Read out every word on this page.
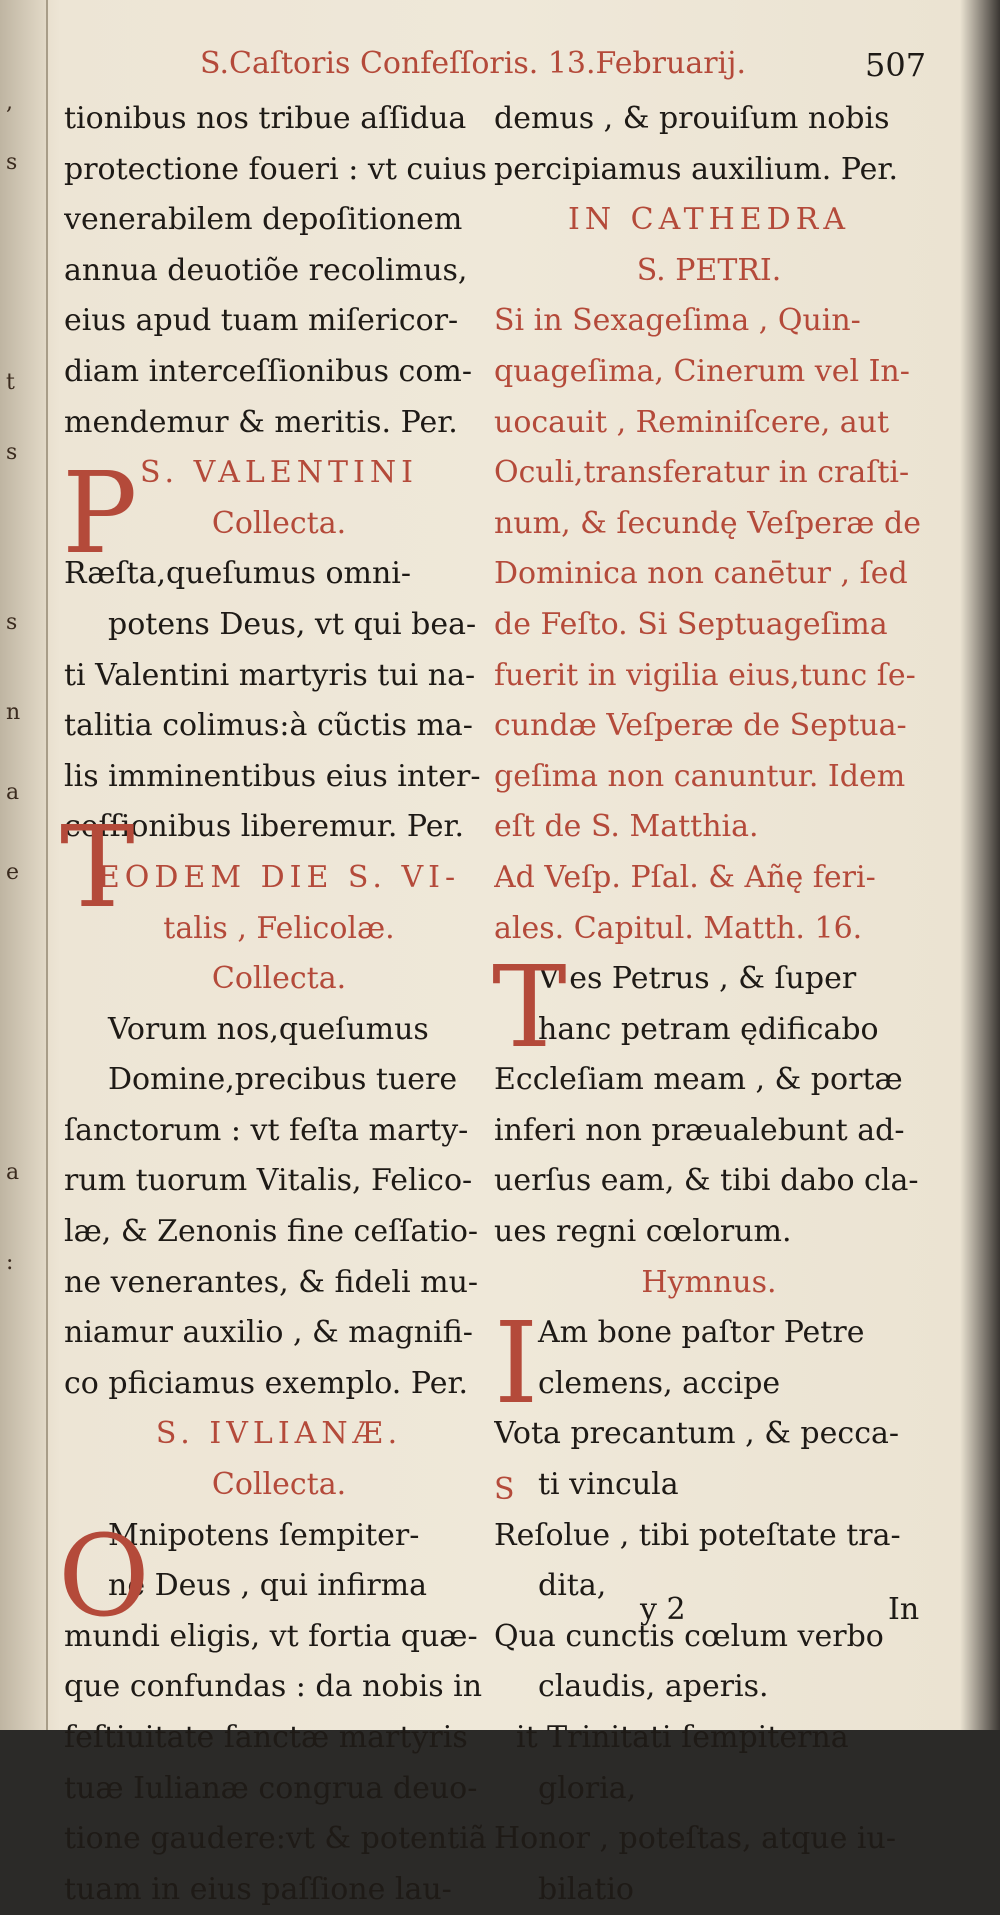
,
s
t
s
s
n
a
e
a
:
S.Caſtoris Confeſſoris. 13.Februarij.	507
tionibus nos tribue aſſidua
protectione foueri : vt cuius
venerabilem depoſitionem
annua deuotiõe recolimus,
eius apud tuam miſericor-
diam interceſſionibus com-
mendemur & meritis. Per.
S. VALENTINI
Collecta.
Ræſta,queſumus omni-
potens Deus, vt qui bea-
ti Valentini martyris tui na-
talitia colimus:à cũctis ma-
lis imminentibus eius inter-
ceſſionibus liberemur. Per.
EODEM DIE S. VI-
talis , Felicolæ.
Collecta.
Vorum nos,queſumus
Domine,precibus tuere
ſanctorum : vt feſta marty-
rum tuorum Vitalis, Felico-
læ, & Zenonis fine ceſſatio-
ne venerantes, & fideli mu-
niamur auxilio , & magnifi-
co pficiamus exemplo. Per.
S. IVLIANÆ.
Collecta.
Mnipotens ſempiter-
ne Deus , qui infirma
mundi eligis, vt fortia quæ-
que confundas : da nobis in
feſtiuitate ſanctæ martyris
tuæ Iulianæ congrua deuo-
tione gaudere:vt & potentiã
tuam in eius paſſione lau-
demus , & prouiſum nobis
percipiamus auxilium. Per.
IN CATHEDRA
S. PETRI.
Si in Sexageſima , Quin-
quageſima, Cinerum vel In-
uocauit , Reminiſcere, aut
Oculi,transferatur in craſti-
num, & ſecundę Veſperæ de
Dominica non canētur , ſed
de Feſto. Si Septuageſima
fuerit in vigilia eius,tunc ſe-
cundæ Veſperæ de Septua-
geſima non canuntur. Idem
eſt de S. Matthia.
Ad Veſp. Pſal. & Añę feri-
ales. Capitul. Matth. 16.
V es Petrus , & ſuper
hanc petram ędificabo
Eccleſiam meam , & portæ
inferi non præualebunt ad-
uerſus eam, & tibi dabo cla-
ues regni cœlorum.
Hymnus.
Am bone paſtor Petre
clemens, accipe
Vota precantum , & pecca-
ti vincula
Reſolue , tibi poteſtate tra-
dita,
Qua cunctis cœlum verbo
claudis, aperis.
it Trinitati ſempiterna
gloria,
Honor , poteſtas, atque iu-
bilatio
P
T
O
T
I
S
y 2	In
